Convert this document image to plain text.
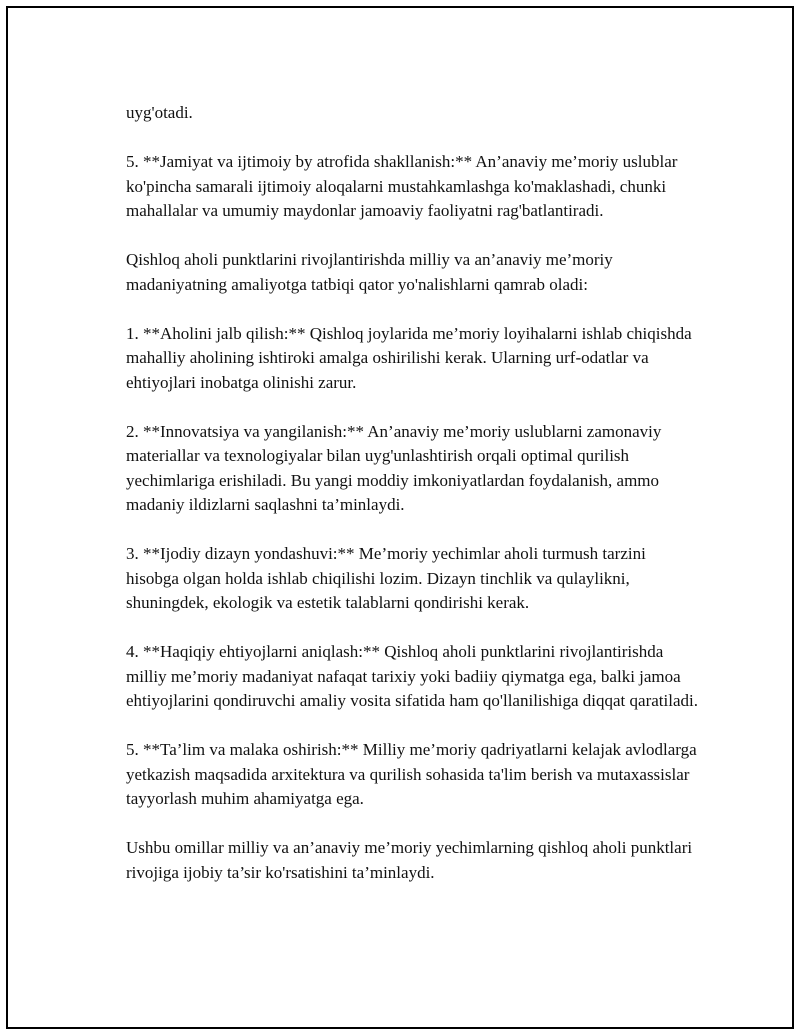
uyg'otadi.

5. **Jamiyat va ijtimoiy by atrofida shakllanish:** An’anaviy me’moriy uslublar ko'pincha samarali ijtimoiy aloqalarni mustahkamlashga ko'maklashadi, chunki mahallalar va umumiy maydonlar jamoaviy faoliyatni rag'batlantiradi.

Qishloq aholi punktlarini rivojlantirishda milliy va an’anaviy me’moriy madaniyatning amaliyotga tatbiqi qator yo'nalishlarni qamrab oladi:

1. **Aholini jalb qilish:** Qishloq joylarida me’moriy loyihalarni ishlab chiqishda mahalliy aholining ishtiroki amalga oshirilishi kerak. Ularning urf-odatlar va ehtiyojlari inobatga olinishi zarur.

2. **Innovatsiya va yangilanish:** An’anaviy me’moriy uslublarni zamonaviy materiallar va texnologiyalar bilan uyg'unlashtirish orqali optimal qurilish yechimlariga erishiladi. Bu yangi moddiy imkoniyatlardan foydalanish, ammo madaniy ildizlarni saqlashni ta’minlaydi.

3. **Ijodiy dizayn yondashuvi:** Me’moriy yechimlar aholi turmush tarzini hisobga olgan holda ishlab chiqilishi lozim. Dizayn tinchlik va qulaylikni, shuningdek, ekologik va estetik talablarni qondirishi kerak.

4. **Haqiqiy ehtiyojlarni aniqlash:** Qishloq aholi punktlarini rivojlantirishda milliy me’moriy madaniyat nafaqat tarixiy yoki badiiy qiymatga ega, balki jamoa ehtiyojlarini qondiruvchi amaliy vosita sifatida ham qo'llanilishiga diqqat qaratiladi.

5. **Ta’lim va malaka oshirish:** Milliy me’moriy qadriyatlarni kelajak avlodlarga yetkazish maqsadida arxitektura va qurilish sohasida ta'lim berish va mutaxassislar tayyorlash muhim ahamiyatga ega.

Ushbu omillar milliy va an’anaviy me’moriy yechimlarning qishloq aholi punktlari rivojiga ijobiy ta’sir ko'rsatishini ta’minlaydi.
